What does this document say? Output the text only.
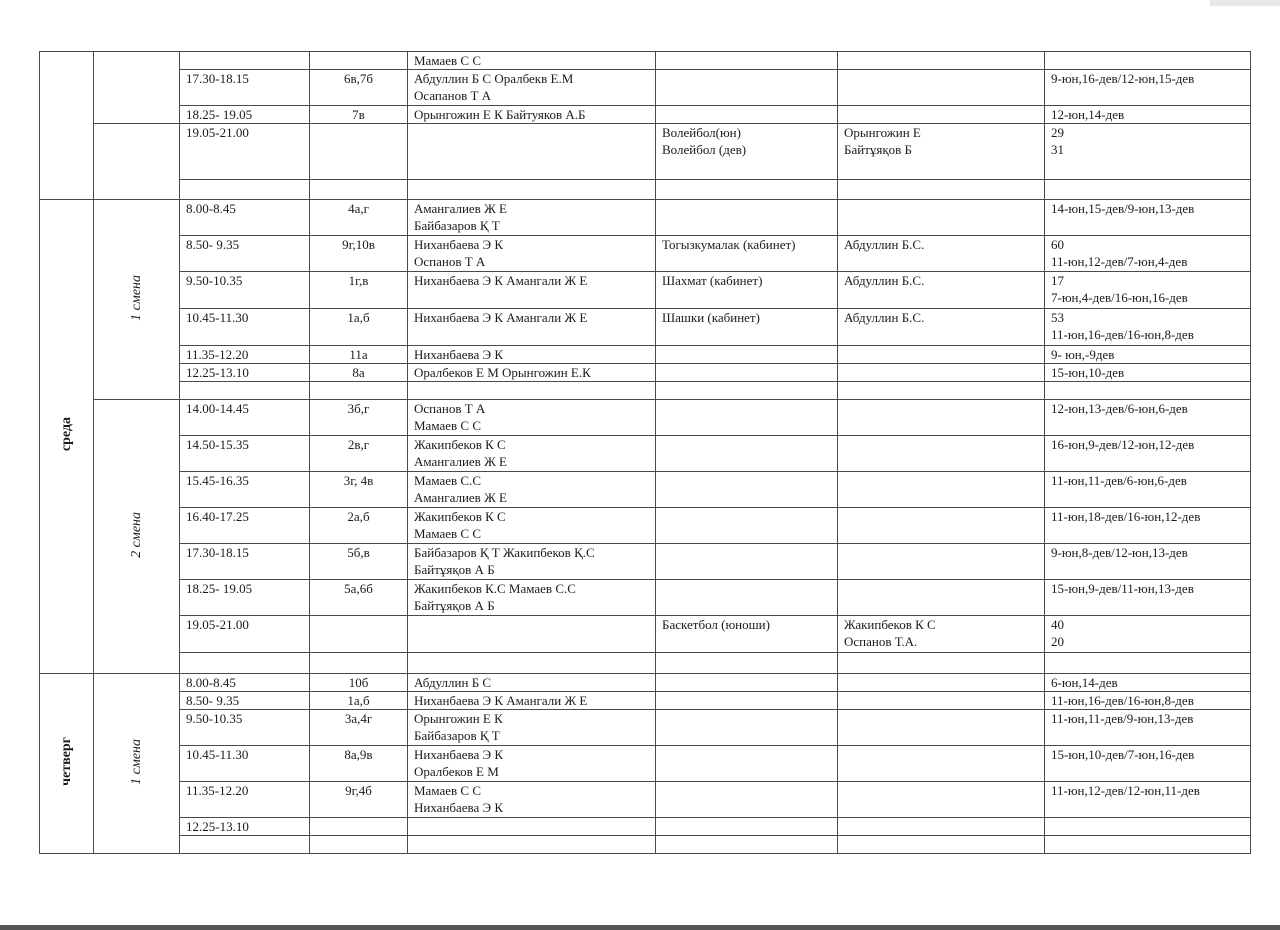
				Мамаев С С			

		17.30-18.15	6в,7б	Абдуллин Б С Оралбекв Е.М
Осапанов Т А			9-юн,16-дев/12-юн,15-дев

		18.25- 19.05	7в	Орынгожин Е К Байтуяков А.Б			12-юн,14-дев

		19.05-21.00			Волейбол(юн)
Волейбол (дев)	Орынгожин Е
Байтұяқов Б	29
31

среда	1 смена	8.00-8.45	4а,г	Амангалиев Ж Е
Байбазаров Қ Т			14-юн,15-дев/9-юн,13-дев

		8.50- 9.35	9г,10в	Ниханбаева Э К
Оспанов Т А	Тогызкумалак (кабинет)	Абдуллин Б.С.	60
11-юн,12-дев/7-юн,4-дев

		9.50-10.35	1г,в	Ниханбаева Э К Амангали Ж Е	Шахмат (кабинет)	Абдуллин Б.С.	17
7-юн,4-дев/16-юн,16-дев

		10.45-11.30	1а,б	Ниханбаева Э К Амангали Ж Е	Шашки (кабинет)	Абдуллин Б.С.	53
11-юн,16-дев/16-юн,8-дев

		11.35-12.20	11а	Ниханбаева Э К			9- юн,-9дев

		12.25-13.10	8а	Оралбеков Е М Орынгожин Е.К			15-юн,10-дев

	2 смена	14.00-14.45	3б,г	Оспанов Т А
Мамаев С С			12-юн,13-дев/6-юн,6-дев

		14.50-15.35	2в,г	Жакипбеков К С
Амангалиев Ж Е			16-юн,9-дев/12-юн,12-дев

		15.45-16.35	3г, 4в	Мамаев С.С
Амангалиев Ж Е			11-юн,11-дев/6-юн,6-дев

		16.40-17.25	2а,б	Жакипбеков К С
Мамаев С С			11-юн,18-дев/16-юн,12-дев

		17.30-18.15	5б,в	Байбазаров Қ Т Жакипбеков Қ.С
Байтұяқов А Б			9-юн,8-дев/12-юн,13-дев

		18.25- 19.05	5а,6б	Жакипбеков К.С Мамаев С.С
Байтұяқов А Б			15-юн,9-дев/11-юн,13-дев

		19.05-21.00			Баскетбол (юноши)	Жакипбеков К С
Оспанов Т.А.	40
20

четверг	1 смена	8.00-8.45	10б	Абдуллин Б С			6-юн,14-дев

		8.50- 9.35	1а,б	Ниханбаева Э К Амангали Ж Е			11-юн,16-дев/16-юн,8-дев

		9.50-10.35	3а,4г	Орынгожин Е К
Байбазаров Қ Т			11-юн,11-дев/9-юн,13-дев

		10.45-11.30	8а,9в	Ниханбаева Э К
Оралбеков Е М			15-юн,10-дев/7-юн,16-дев

		11.35-12.20	9г,4б	Мамаев С С
Ниханбаева Э К			11-юн,12-дев/12-юн,11-дев

		12.25-13.10					
